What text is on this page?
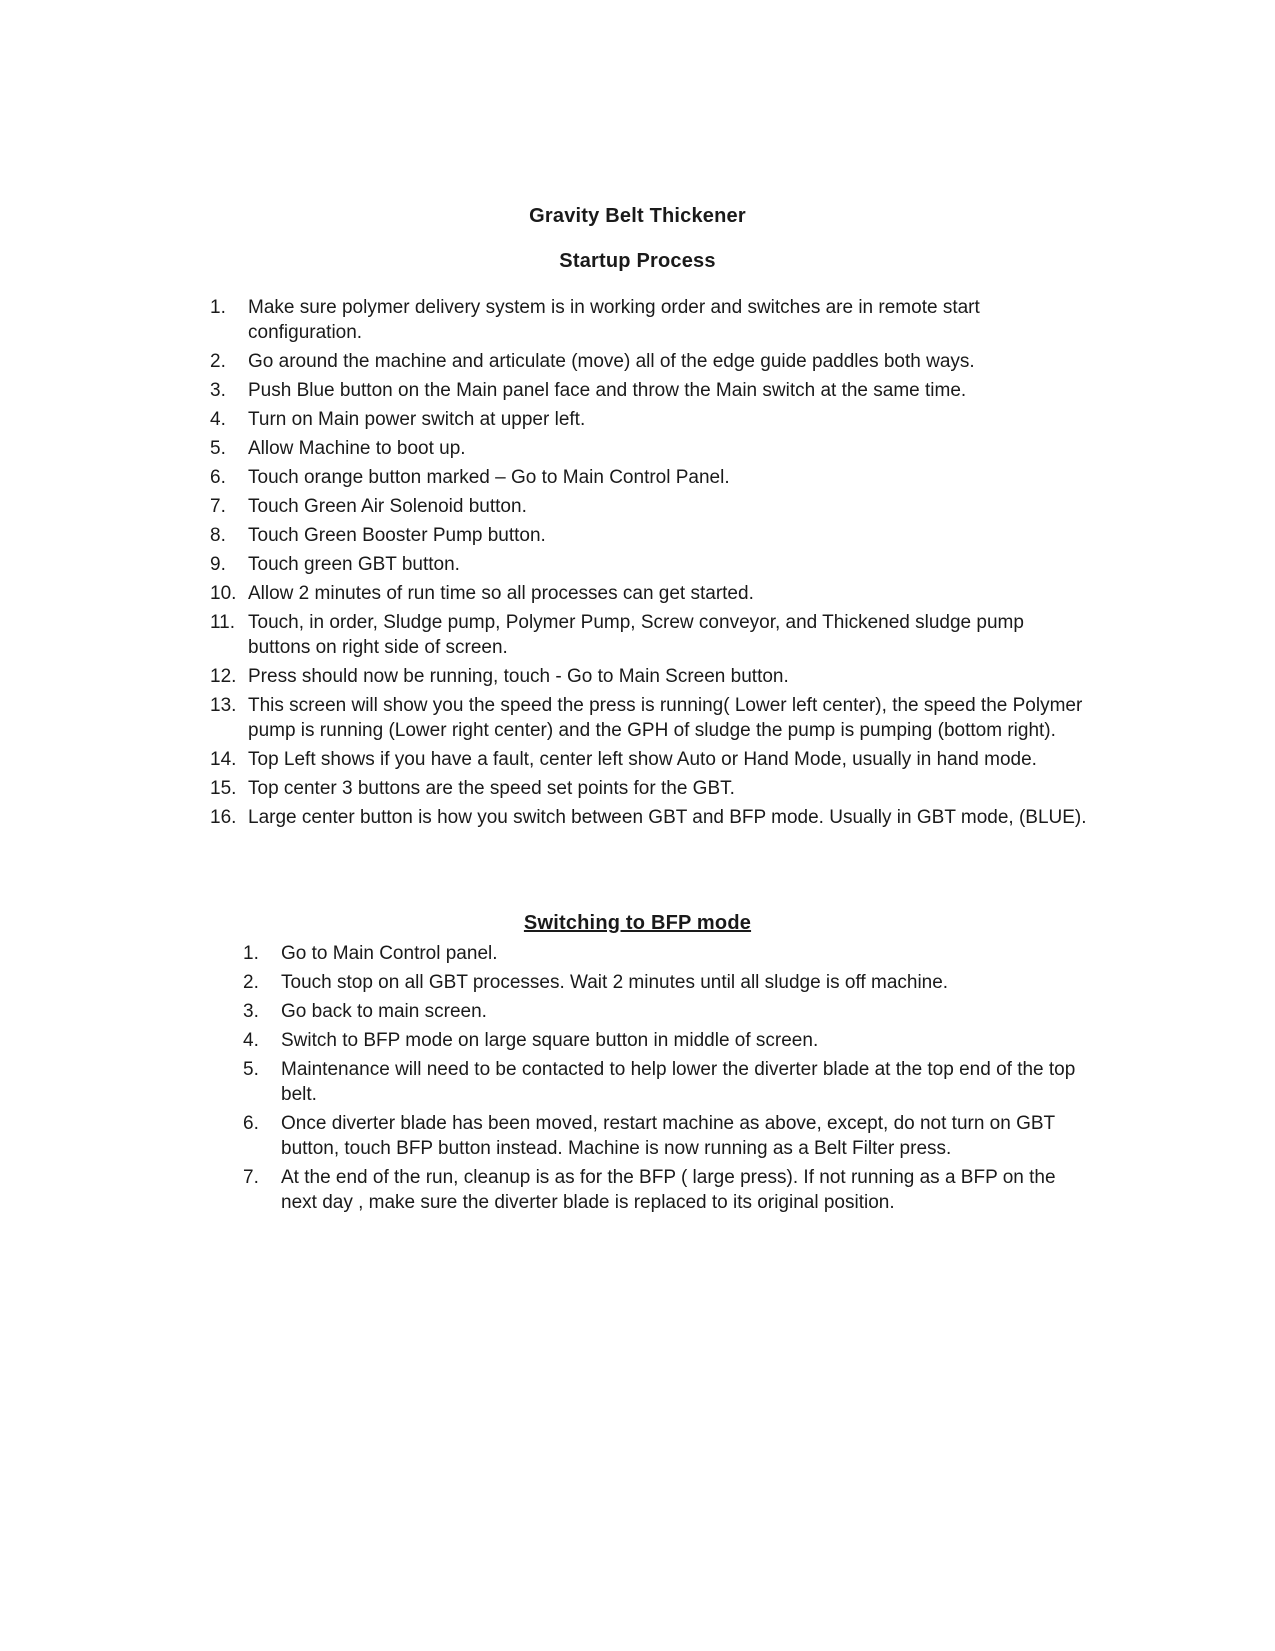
Gravity Belt Thickener
Startup Process
1.	Make sure polymer delivery system is in working order and switches are in remote start configuration.
2.	Go around the machine and articulate (move) all of the edge guide paddles both ways.
3.	Push Blue button on the Main panel face and throw the Main switch at the same time.
4.	Turn on Main power switch at upper left.
5.	Allow Machine to boot up.
6.	Touch orange button marked – Go to Main Control Panel.
7.	Touch Green Air Solenoid button.
8.	Touch Green Booster Pump button.
9.	Touch green GBT button.
10. Allow 2 minutes of run time so all processes can get started.
11. Touch, in order, Sludge pump, Polymer Pump, Screw conveyor, and Thickened sludge pump buttons on right side of screen.
12. Press should now be running, touch - Go to Main Screen button.
13. This screen will show you the speed the press is running( Lower left center), the speed the Polymer pump is running (Lower right center) and the GPH of sludge the pump is pumping (bottom right).
14. Top Left shows if you have a fault, center left show Auto or Hand Mode, usually in hand mode.
15. Top center 3 buttons are the speed set points for the GBT.
16. Large center button is how you switch between GBT and BFP mode. Usually in GBT mode, (BLUE).
Switching to BFP mode
1.	Go to Main Control panel.
2.	Touch stop on all GBT processes. Wait 2 minutes until all sludge is off machine.
3.	Go back to main screen.
4.	Switch to BFP mode on large square button in middle of screen.
5.	Maintenance will need to be contacted to help lower the diverter blade at the top end of the top belt.
6.	Once diverter blade has been moved, restart machine as above, except, do not turn on GBT button, touch BFP button instead. Machine is now running as a Belt Filter press.
7.	At the end of the run, cleanup is as for the BFP ( large press). If not running as a BFP on the next day , make sure the diverter blade is replaced to its original position.
